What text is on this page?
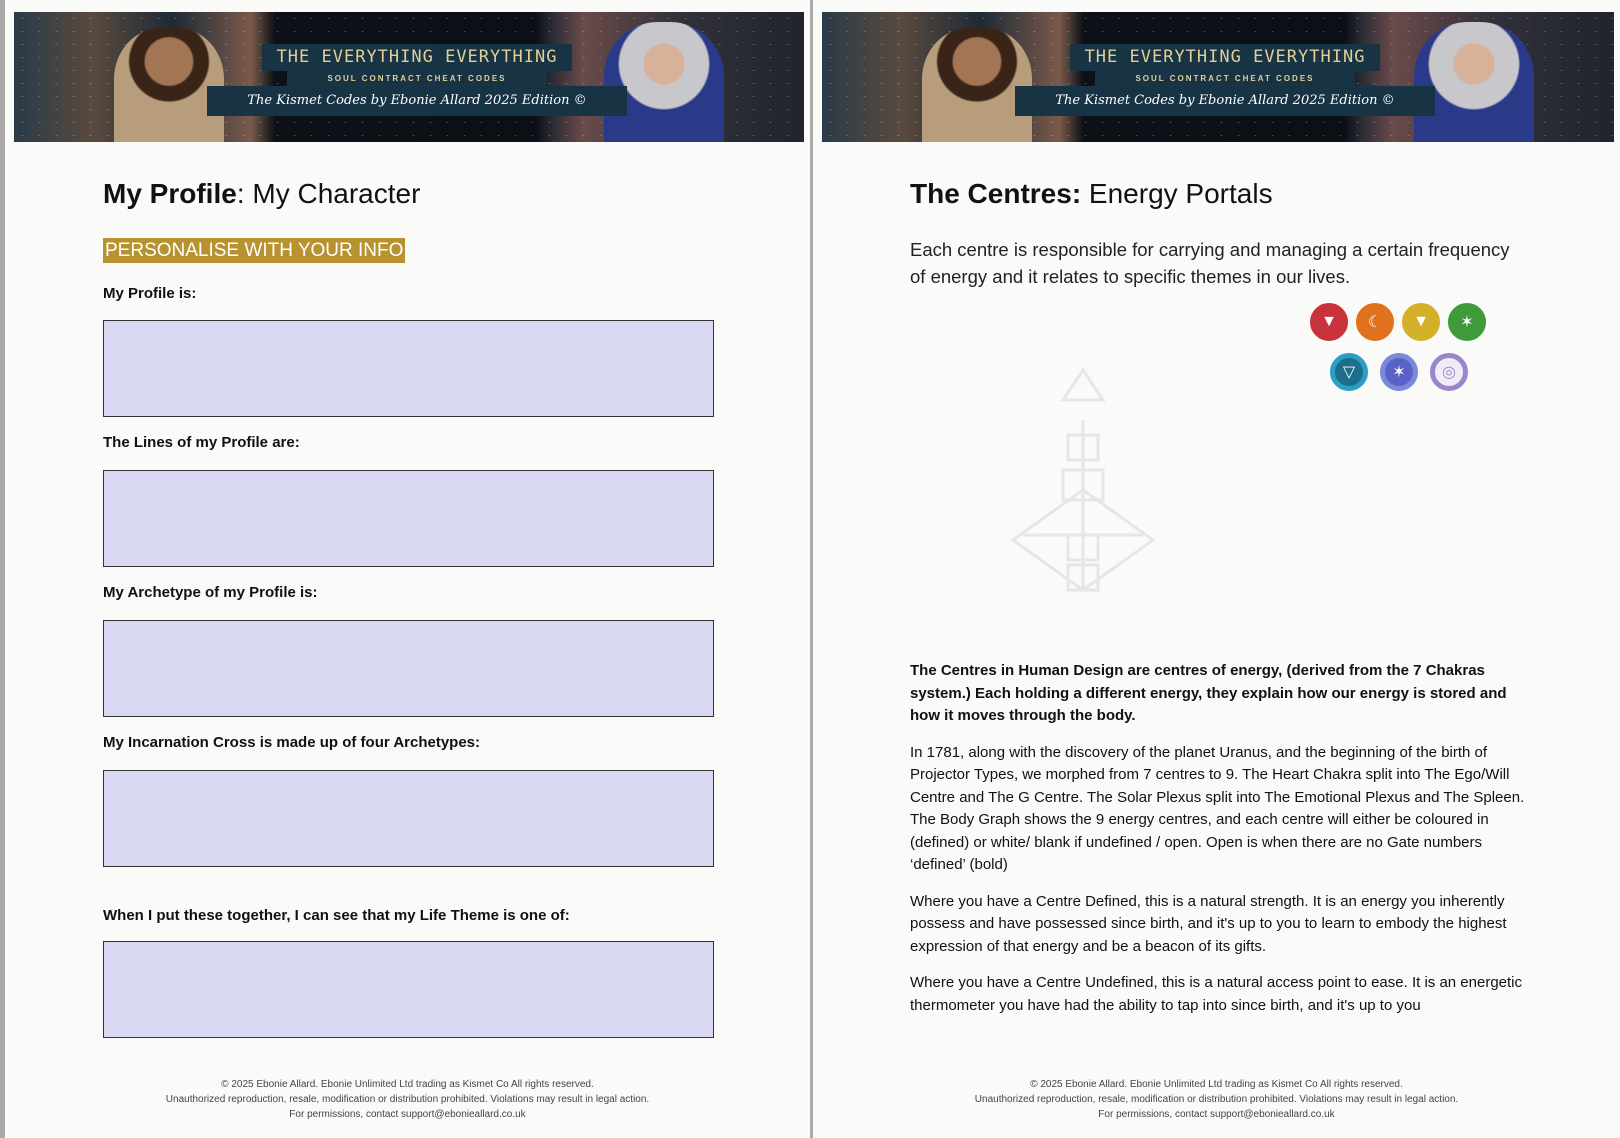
THE EVERYTHING EVERYTHING
SOUL CONTRACT CHEAT CODES
The Kismet Codes by Ebonie Allard 2025 Edition ©
My Profile: My Character
PERSONALISE WITH YOUR INFO
My Profile is:
The Lines of my Profile are:
My Archetype of my Profile is:
My Incarnation Cross is made up of four Archetypes:
When I put these together, I can see that my Life Theme is one of:
© 2025 Ebonie Allard. Ebonie Unlimited Ltd trading as Kismet Co All rights reserved.
Unauthorized reproduction, resale, modification or distribution prohibited. Violations may result in legal action.
For permissions, contact support@ebonieallard.co.uk
THE EVERYTHING EVERYTHING
SOUL CONTRACT CHEAT CODES
The Kismet Codes by Ebonie Allard 2025 Edition ©
The Centres: Energy Portals
Each centre is responsible for carrying and managing a certain frequency of energy and it relates to specific themes in our lives.
▼	☾	▼	✶
▽	✶	◎

The Centres in Human Design are centres of energy, (derived from the 7 Chakras system.) Each holding a different energy, they explain how our energy is stored and how it moves through the body.

In 1781, along with the discovery of the planet Uranus, and the beginning of the birth of Projector Types, we morphed from 7 centres to 9. The Heart Chakra split into The Ego/Will Centre and The G Centre. The Solar Plexus split into The Emotional Plexus and The Spleen. The Body Graph shows the 9 energy centres, and each centre will either be coloured in (defined) or white/ blank if undefined / open. Open is when there are no Gate numbers ‘defined’ (bold)

Where you have a Centre Defined, this is a natural strength. It is an energy you inherently possess and have possessed since birth, and it's up to you to learn to embody the highest expression of that energy and be a beacon of its gifts.

Where you have a Centre Undefined, this is a natural access point to ease. It is an energetic thermometer you have had the ability to tap into since birth, and it's up to you

© 2025 Ebonie Allard. Ebonie Unlimited Ltd trading as Kismet Co All rights reserved.
Unauthorized reproduction, resale, modification or distribution prohibited. Violations may result in legal action.
For permissions, contact support@ebonieallard.co.uk
